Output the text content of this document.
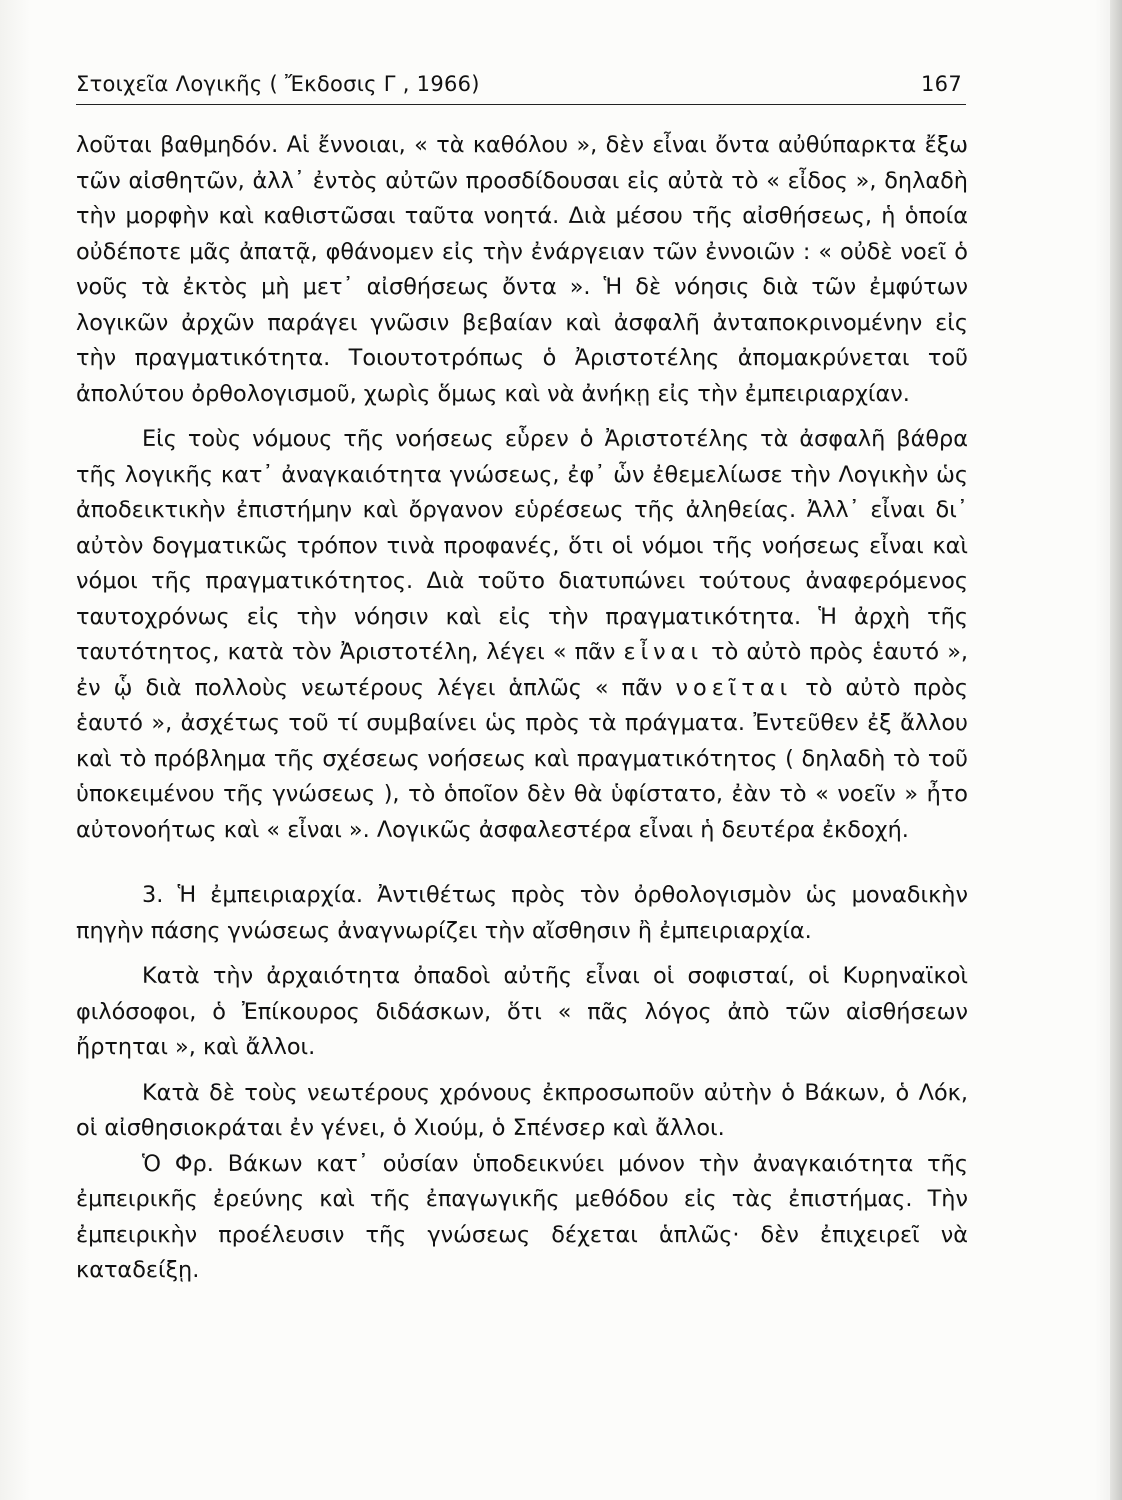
Στοιχεῖα Λογικῆς ( Ἔκδοσις Γ , 1966)	167

λοῦται βαθμηδόν. Αἱ ἔννοιαι, « τὰ καθόλου », δὲν εἶναι ὄντα αὐθύπαρκτα ἔξω τῶν αἰσθητῶν, ἀλλ᾽ ἐντὸς αὐτῶν προσδίδουσαι εἰς αὐτὰ τὸ « εἶδος », δηλαδὴ τὴν μορφὴν καὶ καθιστῶσαι ταῦτα νοητά. Διὰ μέσου τῆς αἰσθήσεως, ἡ ὁποία οὐδέποτε μᾶς ἀπατᾷ, φθάνομεν εἰς τὴν ἐνάργειαν τῶν ἐννοιῶν : « οὐδὲ νοεῖ ὁ νοῦς τὰ ἐκτὸς μὴ μετ᾽ αἰσθήσεως ὄντα ». Ἡ δὲ νόησις διὰ τῶν ἐμφύτων λογικῶν ἀρχῶν παράγει γνῶσιν βεβαίαν καὶ ἀσφαλῆ ἀνταποκρινομένην εἰς τὴν πραγματικότητα. Τοιουτοτρόπως ὁ Ἀριστοτέλης ἀπομακρύνεται τοῦ ἀπολύτου ὀρθολογισμοῦ, χωρὶς ὅμως καὶ νὰ ἀνήκῃ εἰς τὴν ἐμπειριαρχίαν.

Εἰς τοὺς νόμους τῆς νοήσεως εὗρεν ὁ Ἀριστοτέλης τὰ ἀσφαλῆ βάθρα τῆς λογικῆς κατ᾽ ἀναγκαιότητα γνώσεως, ἐφ᾽ ὧν ἐθεμελίωσε τὴν Λογικὴν ὡς ἀποδεικτικὴν ἐπιστήμην καὶ ὄργανον εὑρέσεως τῆς ἀληθείας. Ἀλλ᾽ εἶναι δι᾽ αὐτὸν δογματικῶς τρόπον τινὰ προφανές, ὅτι οἱ νόμοι τῆς νοήσεως εἶναι καὶ νόμοι τῆς πραγματικότητος. Διὰ τοῦτο διατυπώνει τούτους ἀναφερόμενος ταυτοχρόνως εἰς τὴν νόησιν καὶ εἰς τὴν πραγματικότητα. Ἡ ἀρχὴ τῆς ταυτότητος, κατὰ τὸν Ἀριστοτέλη, λέγει « πᾶν εἶναι τὸ αὐτὸ πρὸς ἑαυτό », ἐν ᾧ διὰ πολλοὺς νεωτέρους λέγει ἁπλῶς « πᾶν νοεῖται τὸ αὐτὸ πρὸς ἑαυτό », ἀσχέτως τοῦ τί συμβαίνει ὡς πρὸς τὰ πράγματα. Ἐντεῦθεν ἐξ ἄλλου καὶ τὸ πρόβλημα τῆς σχέσεως νοήσεως καὶ πραγματικότητος ( δηλαδὴ τὸ τοῦ ὑποκειμένου τῆς γνώσεως ), τὸ ὁποῖον δὲν θὰ ὑφίστατο, ἐὰν τὸ « νοεῖν » ἦτο αὐτονοήτως καὶ « εἶναι ». Λογικῶς ἀσφαλεστέρα εἶναι ἡ δευτέρα ἐκδοχή.

3. Ἡ ἐμπειριαρχία. Ἀντιθέτως πρὸς τὸν ὀρθολογισμὸν ὡς μοναδικὴν πηγὴν πάσης γνώσεως ἀναγνωρίζει τὴν αἴσθησιν ἢ ἐμπειριαρχία.

Κατὰ τὴν ἀρχαιότητα ὀπαδοὶ αὐτῆς εἶναι οἱ σοφισταί, οἱ Κυρηναϊκοὶ φιλόσοφοι, ὁ Ἐπίκουρος διδάσκων, ὅτι « πᾶς λόγος ἀπὸ τῶν αἰσθήσεων ἤρτηται », καὶ ἄλλοι.

Κατὰ δὲ τοὺς νεωτέρους χρόνους ἐκπροσωποῦν αὐτὴν ὁ Βάκων, ὁ Λόκ, οἱ αἰσθησιοκράται ἐν γένει, ὁ Χιούμ, ὁ Σπένσερ καὶ ἄλλοι.

Ὁ Φρ. Βάκων κατ᾽ οὐσίαν ὑποδεικνύει μόνον τὴν ἀναγκαιότητα τῆς ἐμπειρικῆς ἐρεύνης καὶ τῆς ἐπαγωγικῆς μεθόδου εἰς τὰς ἐπιστήμας. Τὴν ἐμπειρικὴν προέλευσιν τῆς γνώσεως δέχεται ἁπλῶς· δὲν ἐπιχειρεῖ νὰ καταδείξῃ.
